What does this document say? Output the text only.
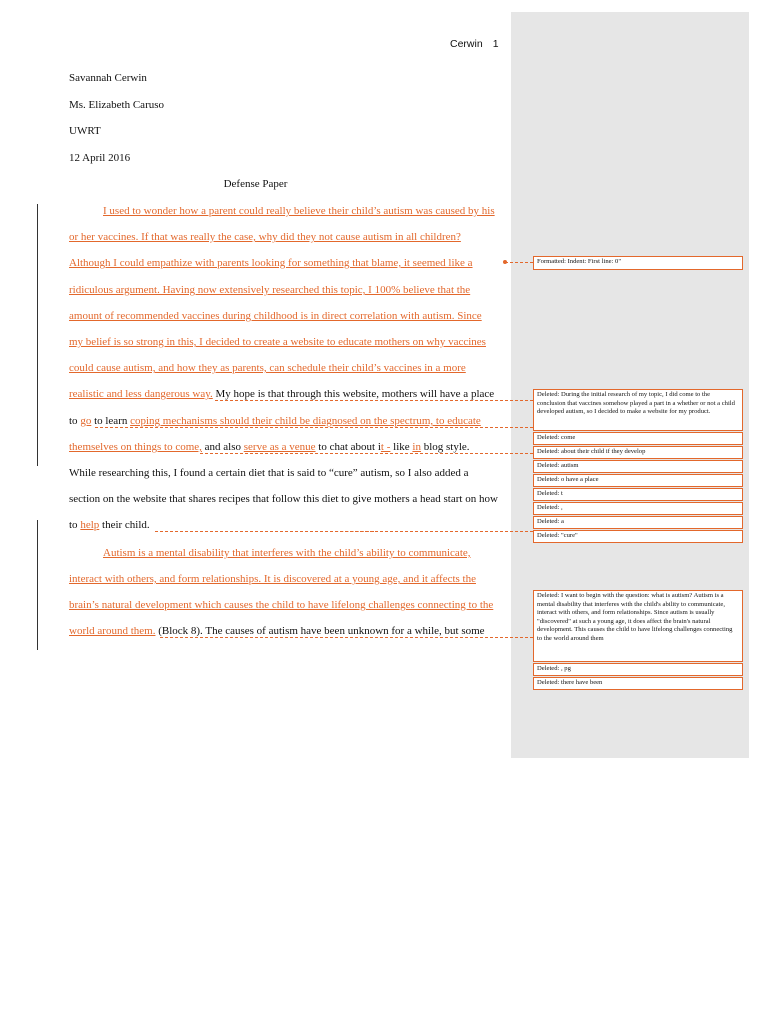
Cerwin 1
Savannah Cerwin
Ms. Elizabeth Caruso
UWRT
12 April 2016
Defense Paper
I used to wonder how a parent could really believe their child’s autism was caused by his
or her vaccines. If that was really the case, why did they not cause autism in all children?
Although I could empathize with parents looking for something that blame, it seemed like a
ridiculous argument. Having now extensively researched this topic, I 100% believe that the
amount of recommended vaccines during childhood is in direct correlation with autism. Since
my belief is so strong in this, I decided to create a website to educate mothers on why vaccines
could cause autism, and how they as parents, can schedule their child’s vaccines in a more
realistic and less dangerous way. My hope is that through this website, mothers will have a place
to go to learn coping mechanisms should their child be diagnosed on the spectrum, to educate
themselves on things to come, and also serve as a venue to chat about it - like in blog style.
While researching this, I found a certain diet that is said to “cure” autism, so I also added a
section on the website that shares recipes that follow this diet to give mothers a head start on how
to help their child.
Autism is a mental disability that interferes with the child’s ability to communicate,
interact with others, and form relationships. It is discovered at a young age, and it affects the
brain’s natural development which causes the child to have lifelong challenges connecting to the
world around them. (Block 8). The causes of autism have been unknown for a while, but some
Formatted: Indent: First line: 0"
Deleted: During the initial research of my topic, I did come to the conclusion that vaccines somehow played a part in a whether or not a child developed autism, so I decided to make a website for my product.
Deleted: come
Deleted: about their child if they develop
Deleted: autism
Deleted: o have a place
Deleted: t
Deleted: ,
Deleted: a
Deleted: "cure"
Deleted: I want to begin with the question: what is autism? Autism is a mental disability that interferes with the child's ability to communicate, interact with others, and form relationships. Since autism is usually "discovered" at such a young age, it does affect the brain's natural development. This causes the child to have lifelong challenges connecting to the world around them
Deleted: , pg
Deleted: there have been
